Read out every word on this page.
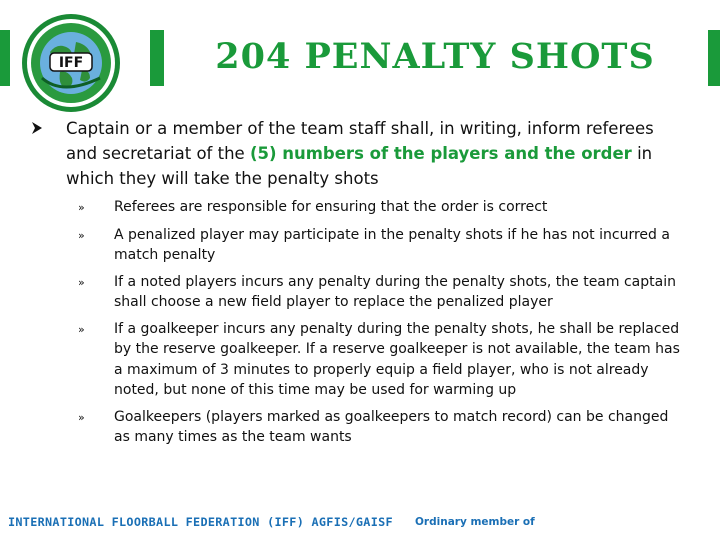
IFF	204 PENALTY SHOTS
Captain or a member of the team staff shall, in writing, inform referees and secretariat of the (5) numbers of the players and the order in which they will take the penalty shots
»	Referees are responsible for ensuring that the order is correct
»	A penalized player may participate in the penalty shots if he has not incurred a match penalty
»	If a noted players incurs any penalty during the penalty shots, the team captain shall choose a new field player to replace the penalized player
»	If a goalkeeper incurs any penalty during the penalty shots, he shall be replaced by the reserve goalkeeper. If a reserve goalkeeper is not available, the team has a maximum of 3 minutes to properly equip a field player, who is not already noted, but none of this time may be used for warming up
»	Goalkeepers (players marked as goalkeepers to match record) can be changed as many times as the team wants
INTERNATIONAL FLOORBALL FEDERATION (IFF) AGFIS/GAISF	Ordinary member of
